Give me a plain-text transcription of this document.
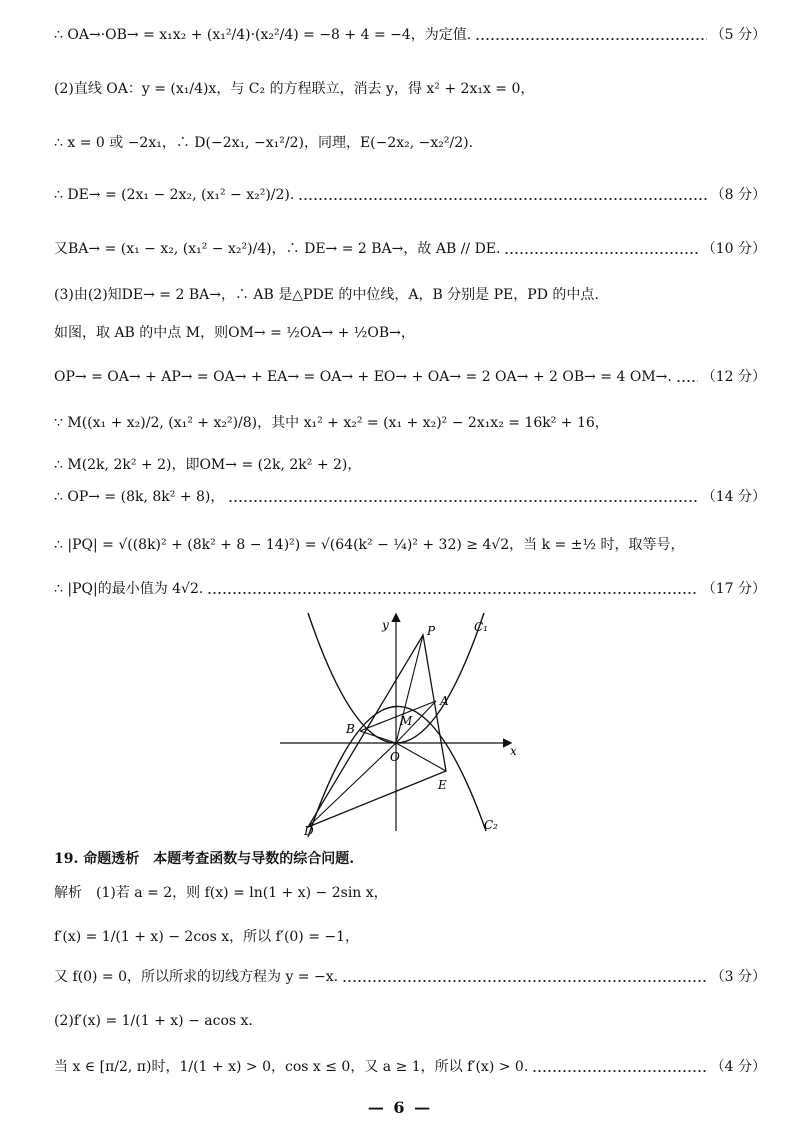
∴ OA→·OB→ = x₁x₂ + (x₁²/4)·(x₂²/4) = −8 + 4 = −4，为定值.	（5 分）
(2)直线 OA：y = (x₁/4)x，与 C₂ 的方程联立，消去 y，得 x² + 2x₁x = 0，
∴ x = 0 或 −2x₁，∴ D(−2x₁, −x₁²/2)，同理，E(−2x₂, −x₂²/2).
∴ DE→ = (2x₁ − 2x₂, (x₁² − x₂²)/2).	（8 分）
又BA→ = (x₁ − x₂, (x₁² − x₂²)/4)，∴ DE→ = 2 BA→，故 AB // DE.	（10 分）
(3)由(2)知DE→ = 2 BA→，∴ AB 是△PDE 的中位线，A，B 分别是 PE，PD 的中点.
如图，取 AB 的中点 M，则OM→ = ½OA→ + ½OB→，
OP→ = OA→ + AP→ = OA→ + EA→ = OA→ + EO→ + OA→ = 2 OA→ + 2 OB→ = 4 OM→. （12 分）
∵ M((x₁ + x₂)/2, (x₁² + x₂²)/8)，其中 x₁² + x₂² = (x₁ + x₂)² − 2x₁x₂ = 16k² + 16，
∴ M(2k, 2k² + 2)，即OM→ = (2k, 2k² + 2)，
∴ OP→ = (8k, 8k² + 8)，	（14 分）
∴ |PQ| = √((8k)² + (8k² + 8 − 14)²) = √(64(k² − ¼)² + 32) ≥ 4√2，当 k = ±½ 时，取等号，
∴ |PQ|的最小值为 4√2.	（17 分）
y
x
P	C₁
A
B
M
O
E
D	C₂
19. 命题透析　本题考查函数与导数的综合问题.
解析　(1)若 a = 2，则 f(x) = ln(1 + x) − 2sin x，
f′(x) = 1/(1 + x) − 2cos x，所以 f′(0) = −1，
又 f(0) = 0，所以所求的切线方程为 y = −x.	（3 分）
(2)f′(x) = 1/(1 + x) − acos x.
当 x ∈ [π/2, π)时，1/(1 + x) > 0，cos x ≤ 0，又 a ≥ 1，所以 f′(x) > 0.	（4 分）
— 6 —
